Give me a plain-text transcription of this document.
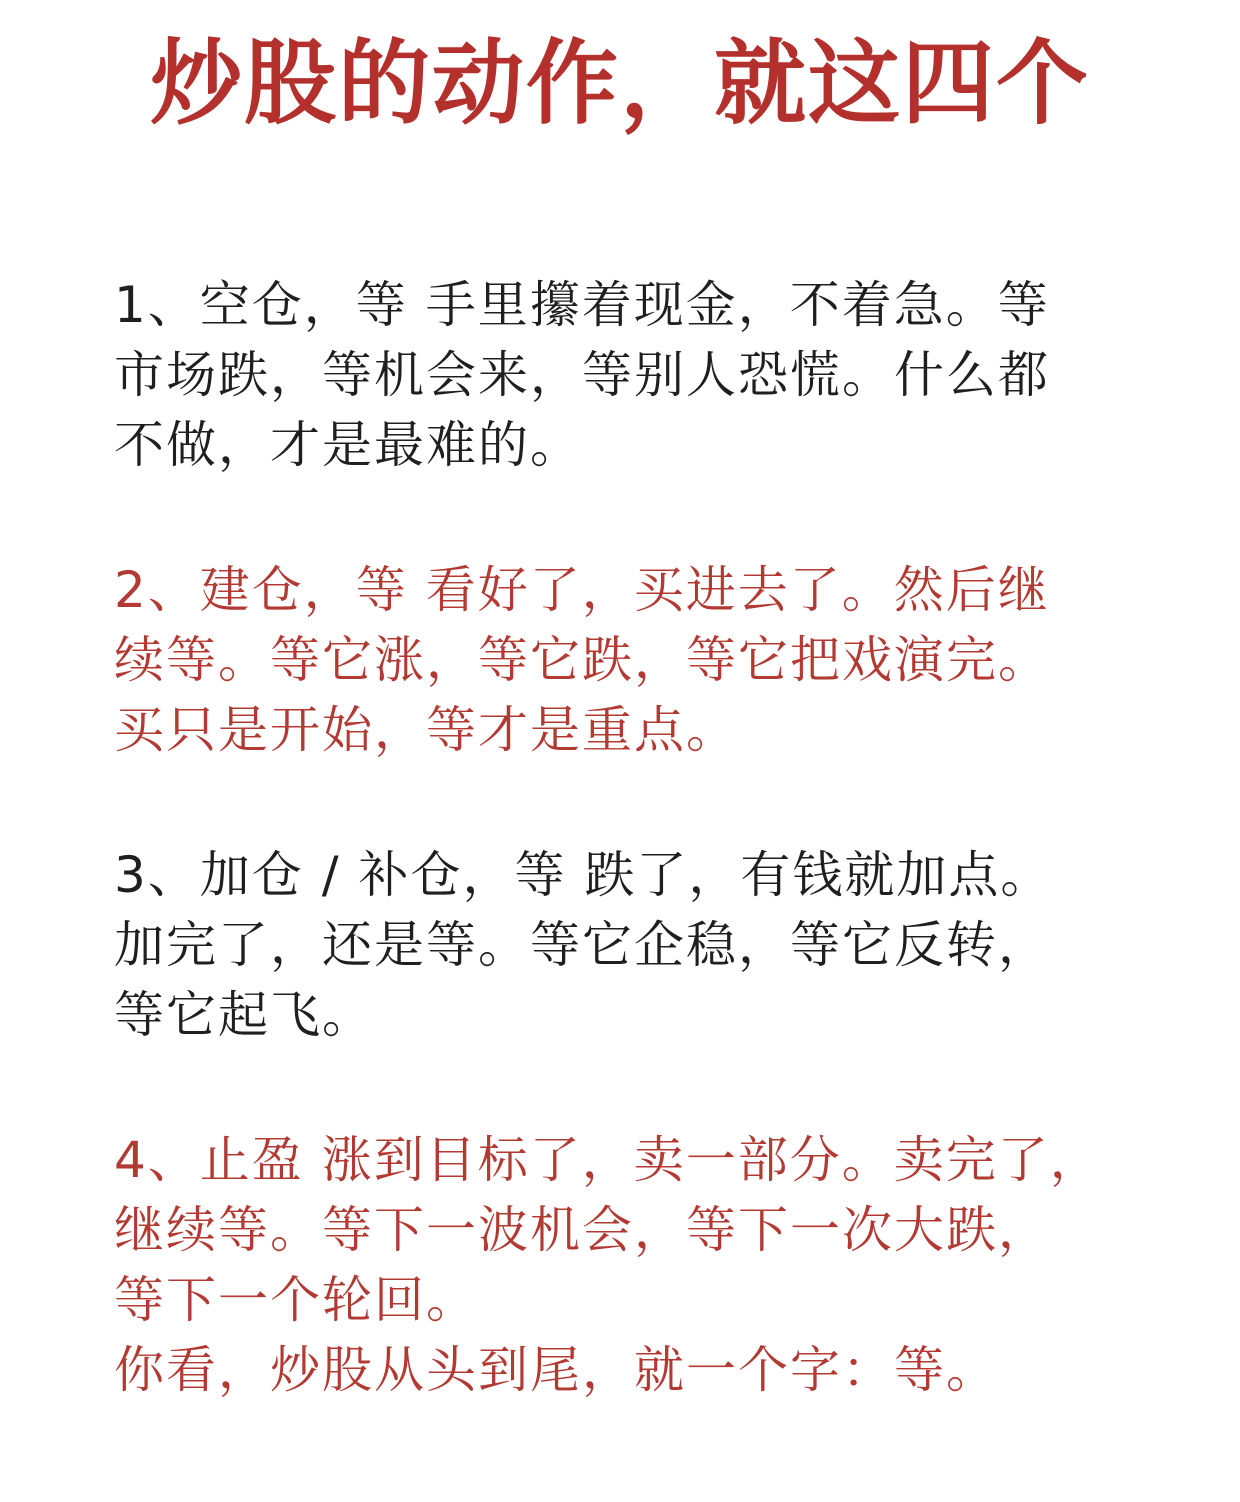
炒股的动作，就这四个
1、空仓，等 手里攥着现金，不着急。等
市场跌，等机会来，等别人恐慌。什么都
不做，才是最难的。
2、建仓，等 看好了，买进去了。然后继
续等。等它涨，等它跌，等它把戏演完。
买只是开始，等才是重点。
3、加仓 / 补仓，等 跌了，有钱就加点。
加完了，还是等。等它企稳，等它反转，
等它起飞。
4、止盈 涨到目标了，卖一部分。卖完了，
继续等。等下一波机会，等下一次大跌，
等下一个轮回。
你看，炒股从头到尾，就一个字：等。
